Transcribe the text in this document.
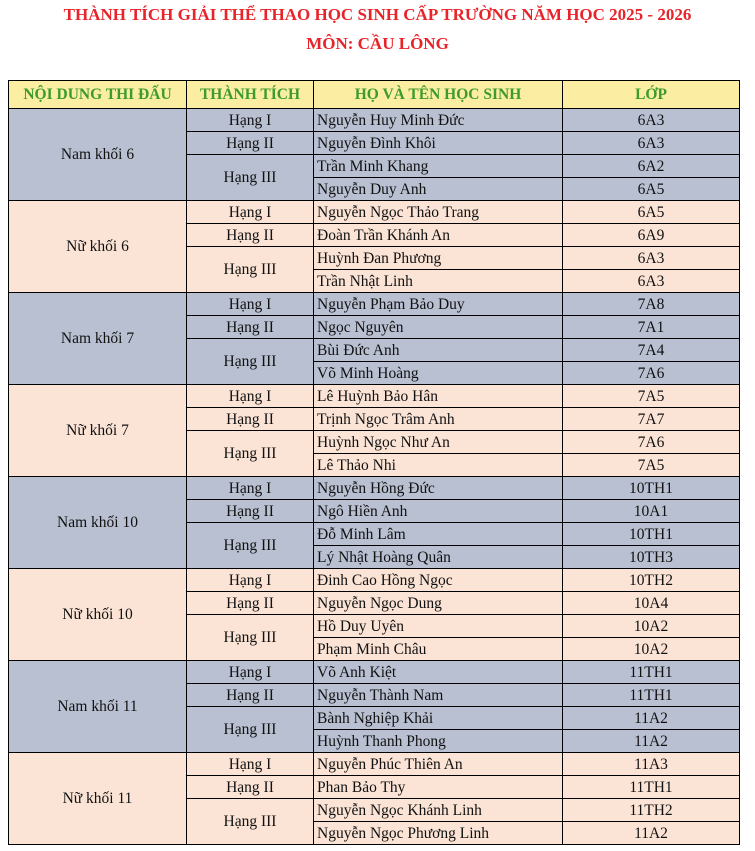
THÀNH TÍCH GIẢI THỂ THAO HỌC SINH CẤP TRƯỜNG NĂM HỌC 2025 - 2026
MÔN: CẦU LÔNG
NỘI DUNG THI ĐẤU	THÀNH TÍCH	HỌ VÀ TÊN HỌC SINH	LỚP
Nam khối 6	Hạng I	Nguyễn Huy Minh Đức	6A3
	Hạng II	Nguyễn Đình Khôi	6A3
	Hạng III	Trần Minh Khang	6A2
		Nguyễn Duy Anh	6A5
Nữ khối 6	Hạng I	Nguyễn Ngọc Thảo Trang	6A5
	Hạng II	Đoàn Trần Khánh An	6A9
	Hạng III	Huỳnh Đan Phương	6A3
		Trần Nhật Linh	6A3
Nam khối 7	Hạng I	Nguyễn Phạm Bảo Duy	7A8
	Hạng II	Ngọc Nguyên	7A1
	Hạng III	Bùi Đức Anh	7A4
		Võ Minh Hoàng	7A6
Nữ khối 7	Hạng I	Lê Huỳnh Bảo Hân	7A5
	Hạng II	Trịnh Ngọc Trâm Anh	7A7
	Hạng III	Huỳnh Ngọc Như An	7A6
		Lê Thảo Nhi	7A5
Nam khối 10	Hạng I	Nguyễn Hồng Đức	10TH1
	Hạng II	Ngô Hiền Anh	10A1
	Hạng III	Đỗ Minh Lâm	10TH1
		Lý Nhật Hoàng Quân	10TH3
Nữ khối 10	Hạng I	Đinh Cao Hồng Ngọc	10TH2
	Hạng II	Nguyễn Ngọc Dung	10A4
	Hạng III	Hồ Duy Uyên	10A2
		Phạm Minh Châu	10A2
Nam khối 11	Hạng I	Võ Anh Kiệt	11TH1
	Hạng II	Nguyễn Thành Nam	11TH1
	Hạng III	Bành Nghiệp Khải	11A2
		Huỳnh Thanh Phong	11A2
Nữ khối 11	Hạng I	Nguyễn Phúc Thiên An	11A3
	Hạng II	Phan Bảo Thy	11TH1
	Hạng III	Nguyễn Ngọc Khánh Linh	11TH2
		Nguyễn Ngọc Phương Linh	11A2
